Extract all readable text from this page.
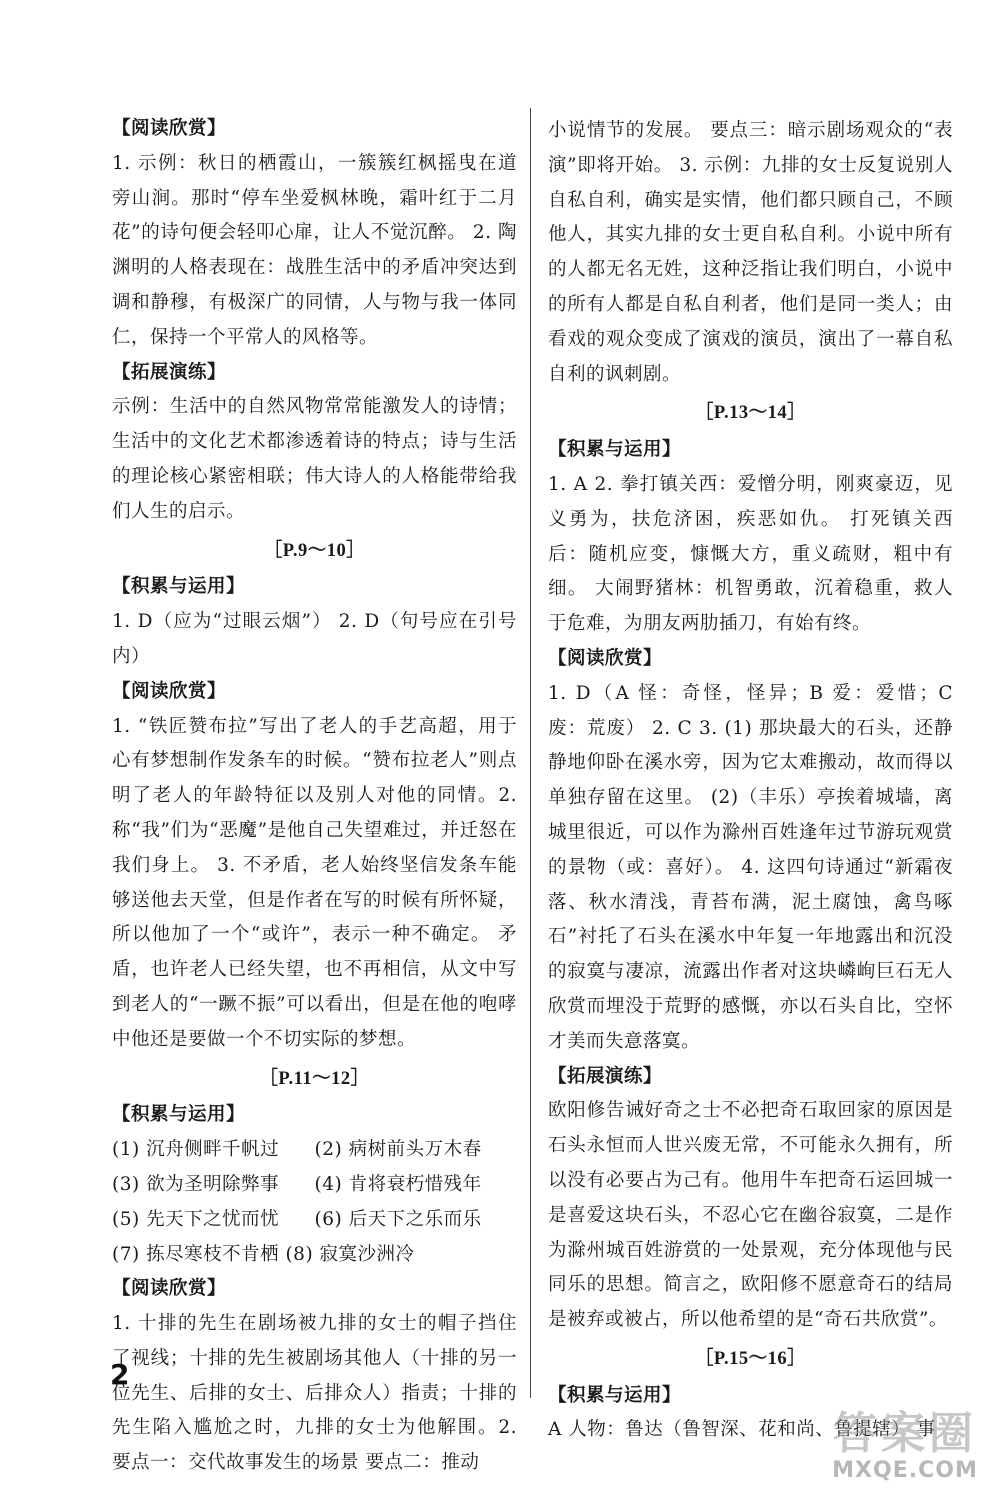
【阅读欣赏】

1. 示例：秋日的栖霞山，一簇簇红枫摇曳在道旁山涧。那时“停车坐爱枫林晚，霜叶红于二月花”的诗句便会轻叩心扉，让人不觉沉醉。 2. 陶渊明的人格表现在：战胜生活中的矛盾冲突达到调和静穆，有极深广的同情，人与物与我一体同仁，保持一个平常人的风格等。

【拓展演练】

示例：生活中的自然风物常常能激发人的诗情；生活中的文化艺术都渗透着诗的特点；诗与生活的理论核心紧密相联；伟大诗人的人格能带给我们人生的启示。

［P.9～10］
【积累与运用】

1. D（应为“过眼云烟”） 2. D（句号应在引号内）

【阅读欣赏】

1. “铁匠赞布拉”写出了老人的手艺高超，用于心有梦想制作发条车的时候。“赞布拉老人”则点明了老人的年龄特征以及别人对他的同情。2. 称“我”们为“恶魔”是他自己失望难过，并迁怒在我们身上。 3. 不矛盾，老人始终坚信发条车能够送他去天堂，但是作者在写的时候有所怀疑，所以他加了一个“或许”，表示一种不确定。 矛盾，也许老人已经失望，也不再相信，从文中写到老人的“一蹶不振”可以看出，但是在他的咆哮中他还是要做一个不切实际的梦想。

［P.11～12］
【积累与运用】
(1) 沉舟侧畔千帆过	(2) 病树前头万木春
(3) 欲为圣明除弊事	(4) 肯将衰朽惜残年
(5) 先天下之忧而忧	(6) 后天下之乐而乐
(7) 拣尽寒枝不肯栖 (8) 寂寞沙洲冷
【阅读欣赏】

1. 十排的先生在剧场被九排的女士的帽子挡住了视线；十排的先生被剧场其他人（十排的另一位先生、后排的女士、后排众人）指责；十排的先生陷入尴尬之时，九排的女士为他解围。2. 要点一：交代故事发生的场景 要点二：推动

小说情节的发展。 要点三：暗示剧场观众的“表演”即将开始。 3. 示例：九排的女士反复说别人自私自利，确实是实情，他们都只顾自己，不顾他人，其实九排的女士更自私自利。小说中所有的人都无名无姓，这种泛指让我们明白，小说中的所有人都是自私自利者，他们是同一类人；由看戏的观众变成了演戏的演员，演出了一幕自私自利的讽刺剧。

［P.13～14］
【积累与运用】

1. A 2. 拳打镇关西：爱憎分明，刚爽豪迈，见义勇为，扶危济困，疾恶如仇。 打死镇关西后：随机应变，慷慨大方，重义疏财，粗中有细。 大闹野猪林：机智勇敢，沉着稳重，救人于危难，为朋友两肋插刀，有始有终。

【阅读欣赏】

1. D（A 怪：奇怪，怪异；B 爱：爱惜；C 废：荒废） 2. C 3. (1) 那块最大的石头，还静静地仰卧在溪水旁，因为它太难搬动，故而得以单独存留在这里。 (2)（丰乐）亭挨着城墙，离城里很近，可以作为滁州百姓逢年过节游玩观赏的景物（或：喜好）。 4. 这四句诗通过“新霜夜落、秋水清浅，青苔布满，泥土腐蚀，禽鸟啄石”衬托了石头在溪水中年复一年地露出和沉没的寂寞与凄凉，流露出作者对这块嶙峋巨石无人欣赏而埋没于荒野的感慨，亦以石头自比，空怀才美而失意落寞。

【拓展演练】

欧阳修告诫好奇之士不必把奇石取回家的原因是石头永恒而人世兴废无常，不可能永久拥有，所以没有必要占为己有。他用牛车把奇石运回城一是喜爱这块石头，不忍心它在幽谷寂寞，二是作为滁州城百姓游赏的一处景观，充分体现他与民同乐的思想。简言之，欧阳修不愿意奇石的结局是被弃或被占，所以他希望的是“奇石共欣赏”。

［P.15～16］
【积累与运用】

A 人物：鲁达（鲁智深、花和尚、鲁提辖） 事

2
答案圈
MXQE.COM
